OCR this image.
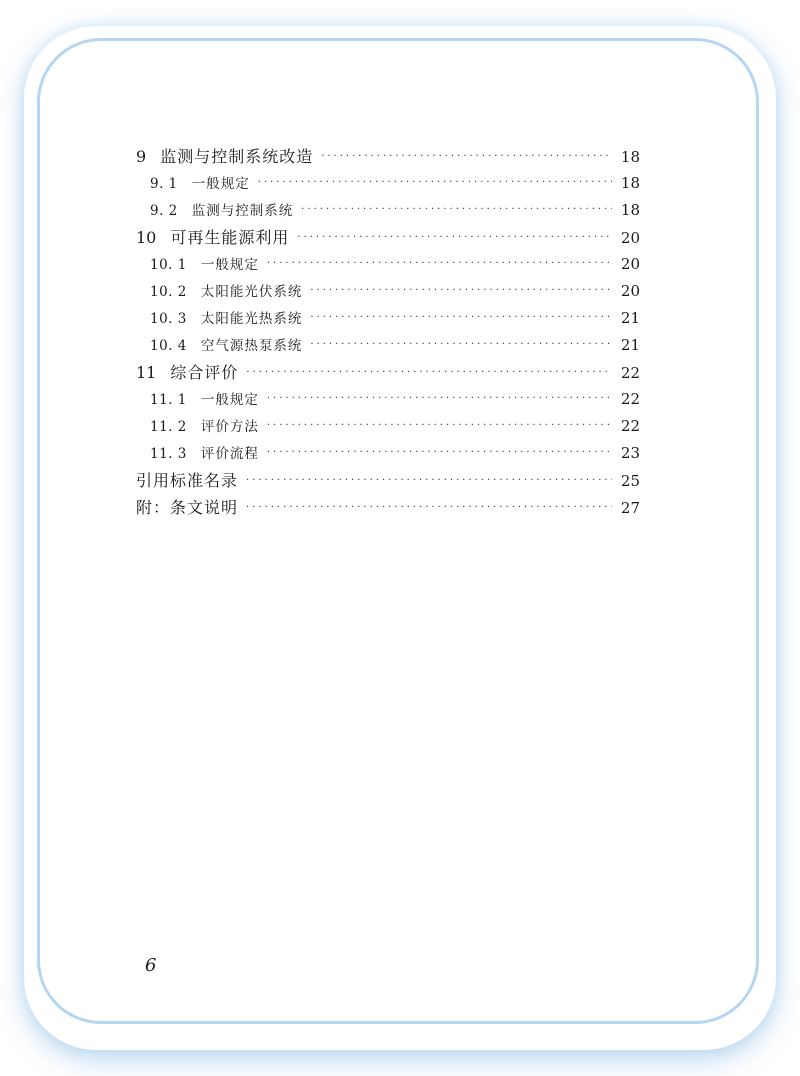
9 监测与控制系统改造 ·····	18
9. 1 一般规定 ·····	18
9. 2 监测与控制系统 ·····	18
10 可再生能源利用 ·····	20
10. 1 一般规定 ·····	20
10. 2 太阳能光伏系统 ·····	20
10. 3 太阳能光热系统 ·····	21
10. 4 空气源热泵系统 ·····	21
11 综合评价 ·····	22
11. 1 一般规定 ·····	22
11. 2 评价方法 ·····	22
11. 3 评价流程 ·····	23
引用标准名录 ·····	25
附：条文说明 ·····	27
6
